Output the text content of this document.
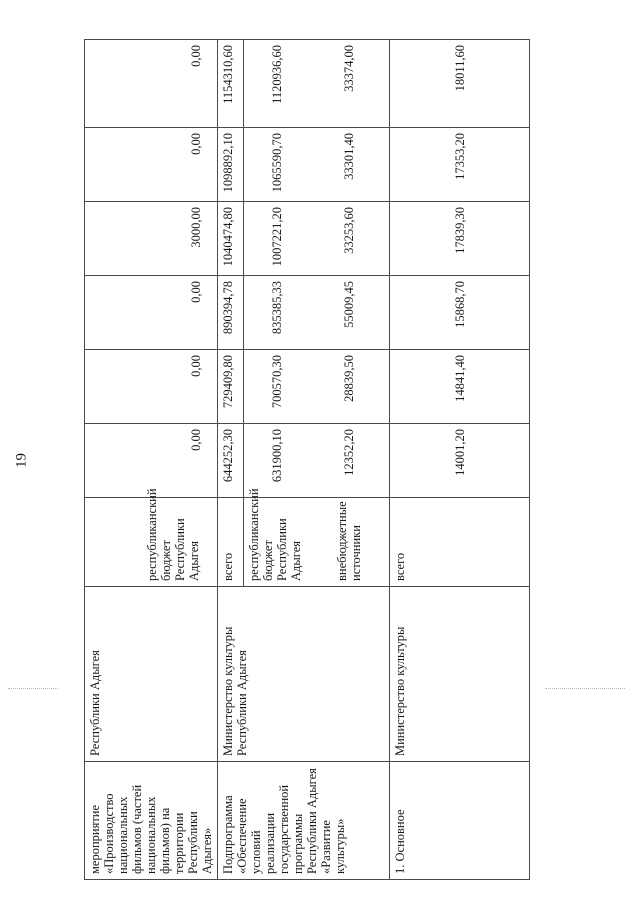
19
мероприятие «Производство национальных фильмов (частей национальных фильмов) на территории Республики Адыгея»	Республики Адыгея	республиканский бюджет Республики Адыгея	0,00	0,00	0,00	3000,00	0,00	0,00
Подпрограмма «Обеспечение условий реализации государственной программы Республики Адыгея «Развитие культуры»	Министерство культуры Республики Адыгея	всего	644252,30	729409,80	890394,78	1040474,80	1098892,10	1154310,60
		республиканский бюджет Республики Адыгея	631900,10	700570,30	835385,33	1007221,20	1065590,70	1120936,60
		внебюджетные источники	12352,20	28839,50	55009,45	33253,60	33301,40	33374,00
1. Основное	Министерство культуры	всего	14001,20	14841,40	15868,70	17839,30	17353,20	18011,60
